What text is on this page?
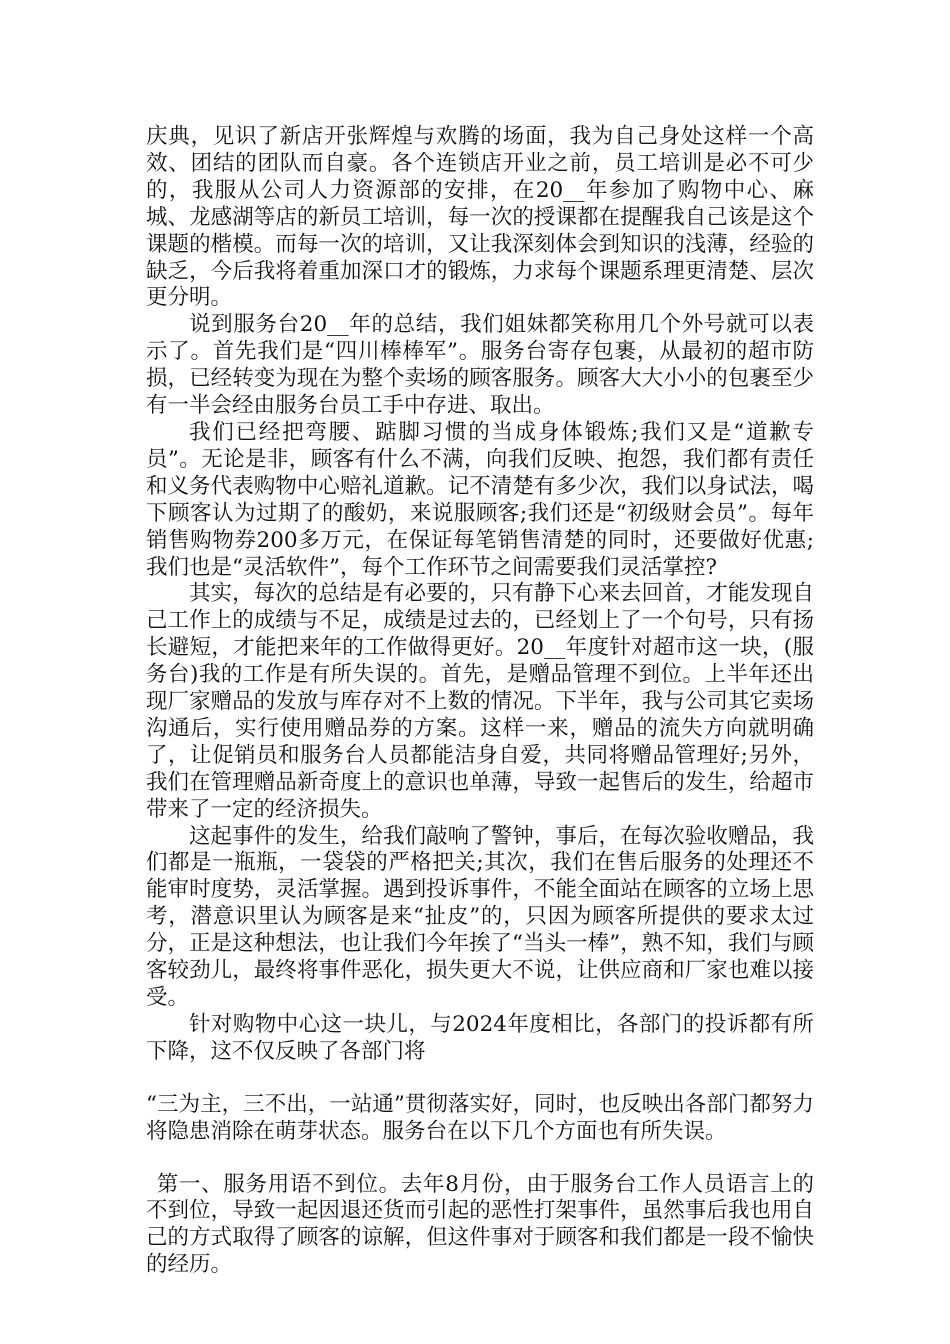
庆典，见识了新店开张辉煌与欢腾的场面，我为自己身处这样一个高效、团结的团队而自豪。各个连锁店开业之前，员工培训是必不可少的，我服从公司人力资源部的安排，在20__年参加了购物中心、麻城、龙感湖等店的新员工培训，每一次的授课都在提醒我自己该是这个课题的楷模。而每一次的培训，又让我深刻体会到知识的浅薄，经验的缺乏，今后我将着重加深口才的锻炼，力求每个课题系理更清楚、层次更分明。

说到服务台20__年的总结，我们姐妹都笑称用几个外号就可以表示了。首先我们是“四川棒棒军”。服务台寄存包裹，从最初的超市防损，已经转变为现在为整个卖场的顾客服务。顾客大大小小的包裹至少有一半会经由服务台员工手中存进、取出。

我们已经把弯腰、踮脚习惯的当成身体锻炼;我们又是“道歉专员”。无论是非，顾客有什么不满，向我们反映、抱怨，我们都有责任和义务代表购物中心赔礼道歉。记不清楚有多少次，我们以身试法，喝下顾客认为过期了的酸奶，来说服顾客;我们还是“初级财会员”。每年销售购物券200多万元，在保证每笔销售清楚的同时，还要做好优惠;我们也是“灵活软件”，每个工作环节之间需要我们灵活掌控?

其实，每次的总结是有必要的，只有静下心来去回首，才能发现自己工作上的成绩与不足，成绩是过去的，已经划上了一个句号，只有扬长避短，才能把来年的工作做得更好。20__年度针对超市这一块，(服务台)我的工作是有所失误的。首先，是赠品管理不到位。上半年还出现厂家赠品的发放与库存对不上数的情况。下半年，我与公司其它卖场沟通后，实行使用赠品券的方案。这样一来，赠品的流失方向就明确了，让促销员和服务台人员都能洁身自爱，共同将赠品管理好;另外，我们在管理赠品新奇度上的意识也单薄，导致一起售后的发生，给超市带来了一定的经济损失。

这起事件的发生，给我们敲响了警钟，事后，在每次验收赠品，我们都是一瓶瓶，一袋袋的严格把关;其次，我们在售后服务的处理还不能审时度势，灵活掌握。遇到投诉事件，不能全面站在顾客的立场上思考，潜意识里认为顾客是来“扯皮”的，只因为顾客所提供的要求太过分，正是这种想法，也让我们今年挨了“当头一棒”，熟不知，我们与顾客较劲儿，最终将事件恶化，损失更大不说，让供应商和厂家也难以接受。

针对购物中心这一块儿，与2024年度相比，各部门的投诉都有所下降，这不仅反映了各部门将

“三为主，三不出，一站通”贯彻落实好，同时，也反映出各部门都努力将隐患消除在萌芽状态。服务台在以下几个方面也有所失误。

第一、服务用语不到位。去年8月份，由于服务台工作人员语言上的不到位，导致一起因退还货而引起的恶性打架事件，虽然事后我也用自己的方式取得了顾客的谅解，但这件事对于顾客和我们都是一段不愉快的经历。
